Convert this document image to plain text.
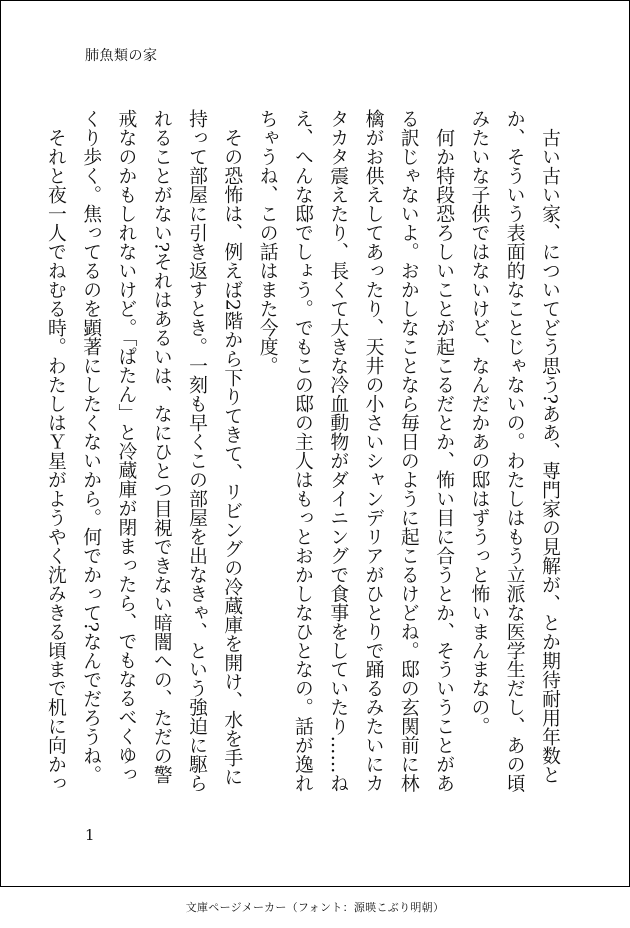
肺魚類の家
　古い古い家、についてどう思う?ああ、専門家の見解が、とか期待耐用年数と
か、そういう表面的なことじゃないの。わたしはもう立派な医学生だし、あの頃
みたいな子供ではないけど、なんだかあの邸はずうっと怖いまんまなの。
　何か特段恐ろしいことが起こるだとか、怖い目に合うとか、そういうことがあ
る訳じゃないよ。おかしなことなら毎日のように起こるけどね。邸の玄関前に林
檎がお供えしてあったり、天井の小さいシャンデリアがひとりで踊るみたいにカ
タカタ震えたり、長くて大きな冷血動物がダイニングで食事をしていたり……ね
え、へんな邸でしょう。でもこの邸の主人はもっとおかしなひとなの。話が逸れ
ちゃうね、この話はまた今度。
　その恐怖は、例えば2階から下りてきて、リビングの冷蔵庫を開け、水を手に
持って部屋に引き返すとき。一刻も早くこの部屋を出なきゃ、という強迫に駆ら
れることがない?それはあるいは、なにひとつ目視できない暗闇への、ただの警
戒なのかもしれないけど。「ぱたん」と冷蔵庫が閉まったら、でもなるべくゆっ
くり歩く。焦ってるのを顕著にしたくないから。何でかって?なんでだろうね。
　それと夜一人でねむる時。わたしはＹ星がようやく沈みきる頃まで机に向かっ
1
文庫ページメーカー（フォント：源暎こぶり明朝）
